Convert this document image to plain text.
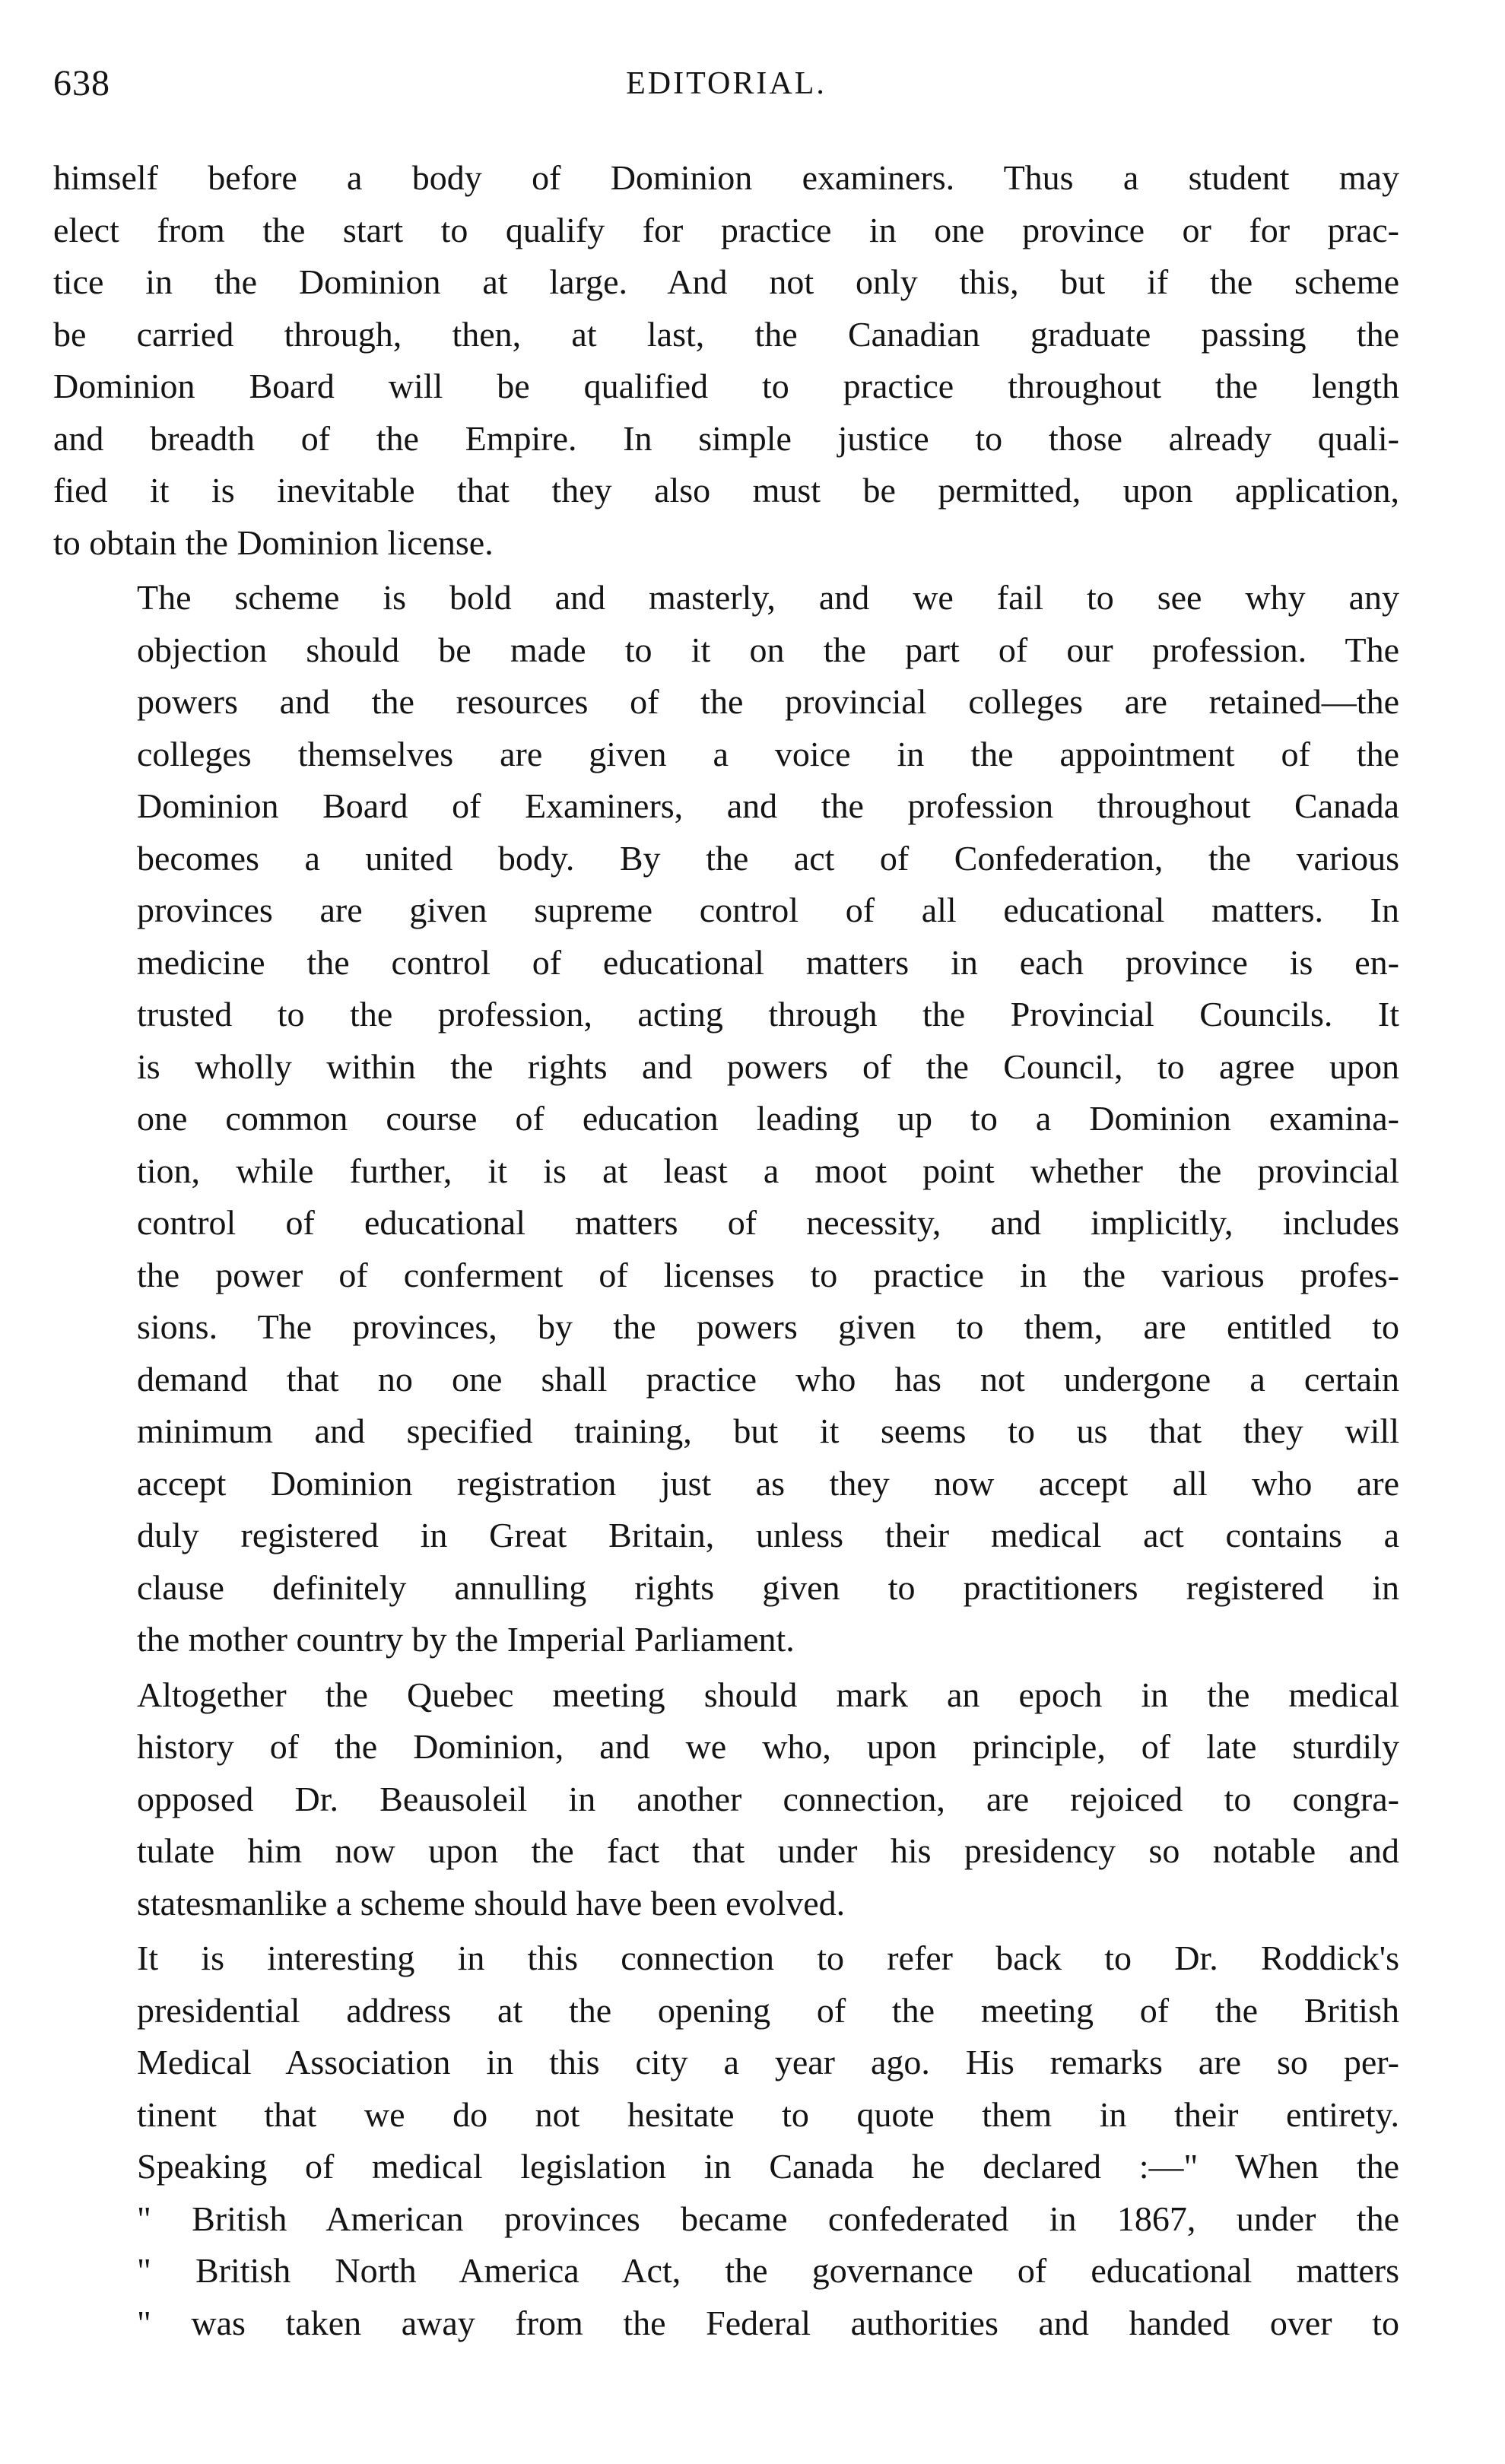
638	EDITORIAL.

himself before a body of Dominion examiners. Thus a student may
elect from the start to qualify for practice in one province or for prac-
tice in the Dominion at large. And not only this, but if the scheme
be carried through, then, at last, the Canadian graduate passing the
Dominion Board will be qualified to practice throughout the length
and breadth of the Empire. In simple justice to those already quali-
fied it is inevitable that they also must be permitted, upon application,
to obtain the Dominion license.

The scheme is bold and masterly, and we fail to see why any
objection should be made to it on the part of our profession. The
powers and the resources of the provincial colleges are retained—the
colleges themselves are given a voice in the appointment of the
Dominion Board of Examiners, and the profession throughout Canada
becomes a united body. By the act of Confederation, the various
provinces are given supreme control of all educational matters. In
medicine the control of educational matters in each province is en-
trusted to the profession, acting through the Provincial Councils. It
is wholly within the rights and powers of the Council, to agree upon
one common course of education leading up to a Dominion examina-
tion, while further, it is at least a moot point whether the provincial
control of educational matters of necessity, and implicitly, includes
the power of conferment of licenses to practice in the various profes-
sions. The provinces, by the powers given to them, are entitled to
demand that no one shall practice who has not undergone a certain
minimum and specified training, but it seems to us that they will
accept Dominion registration just as they now accept all who are
duly registered in Great Britain, unless their medical act contains a
clause definitely annulling rights given to practitioners registered in
the mother country by the Imperial Parliament.

Altogether the Quebec meeting should mark an epoch in the medical
history of the Dominion, and we who, upon principle, of late sturdily
opposed Dr. Beausoleil in another connection, are rejoiced to congra-
tulate him now upon the fact that under his presidency so notable and
statesmanlike a scheme should have been evolved.

It is interesting in this connection to refer back to Dr. Roddick's
presidential address at the opening of the meeting of the British
Medical Association in this city a year ago. His remarks are so per-
tinent that we do not hesitate to quote them in their entirety.
Speaking of medical legislation in Canada he declared :—" When the
" British American provinces became confederated in 1867, under the
" British North America Act, the governance of educational matters
" was taken away from the Federal authorities and handed over to
